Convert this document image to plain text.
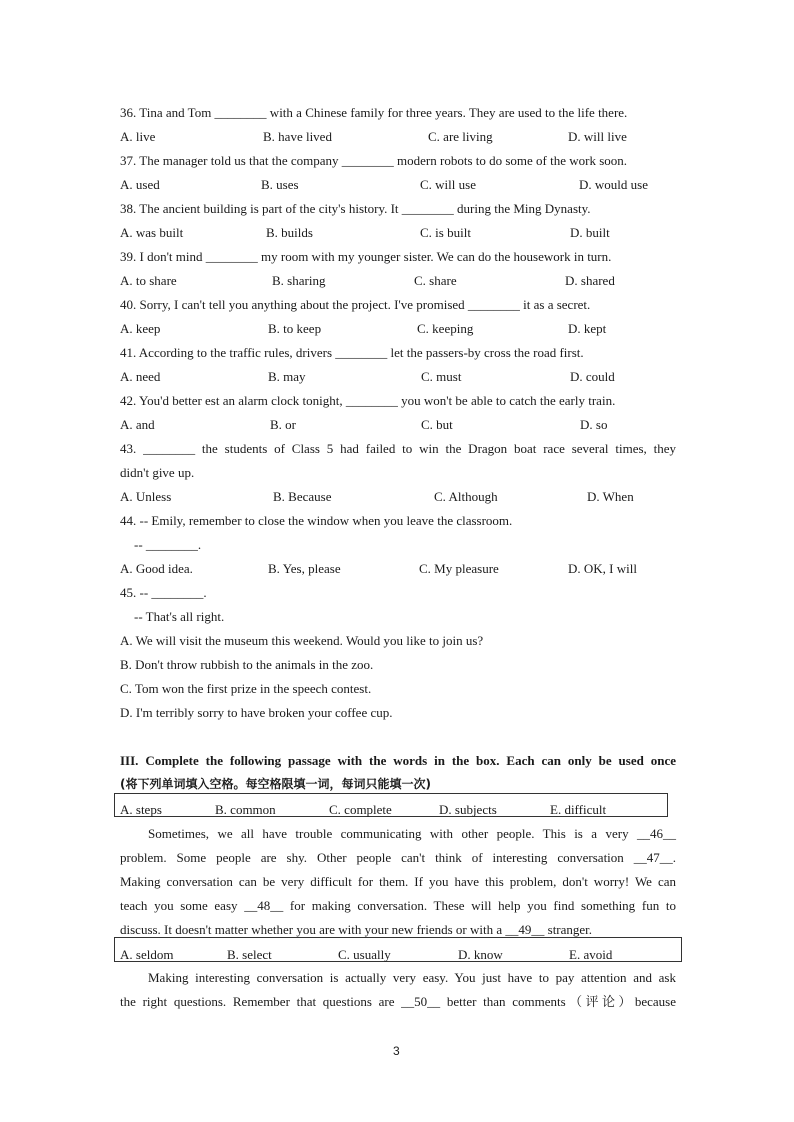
36. Tina and Tom ________ with a Chinese family for three years. They are used to the life there.
A. live	B. have lived	C. are living	D. will live
37. The manager told us that the company ________ modern robots to do some of the work soon.
A. used	B. uses	C. will use	D. would use
38. The ancient building is part of the city's history. It ________ during the Ming Dynasty.
A. was built	B. builds	C. is built	D. built
39. I don't mind ________ my room with my younger sister. We can do the housework in turn.
A. to share	B. sharing	C. share	D. shared
40. Sorry, I can't tell you anything about the project. I've promised ________ it as a secret.
A. keep	B. to keep	C. keeping	D. kept
41. According to the traffic rules, drivers ________ let the passers-by cross the road first.
A. need	B. may	C. must	D. could
42. You'd better est an alarm clock tonight, ________ you won't be able to catch the early train.
A. and	B. or	C. but	D. so
43. ________ the students of Class 5 had failed to win the Dragon boat race several times, they
didn't give up.
A. Unless	B. Because	C. Although	D. When
44. -- Emily, remember to close the window when you leave the classroom.
-- ________.
A. Good idea.	B. Yes, please	C. My pleasure	D. OK, I will
45. -- ________.
-- That's all right.
A. We will visit the museum this weekend. Would you like to join us?
B. Don't throw rubbish to the animals in the zoo.
C. Tom won the first prize in the speech contest.
D. I'm terribly sorry to have broken your coffee cup.
III. Complete the following passage with the words in the box. Each can only be used once
(将下列单词填入空格。每空格限填一词，每词只能填一次)
A. steps	B. common	C. complete	D. subjects	E. difficult
Sometimes, we all have trouble communicating with other people. This is a very __46__
problem. Some people are shy. Other people can't think of interesting conversation __47__.
Making conversation can be very difficult for them. If you have this problem, don't worry! We can
teach you some easy __48__ for making conversation. These will help you find something fun to
discuss. It doesn't matter whether you are with your new friends or with a __49__ stranger.
A. seldom	B. select	C. usually	D. know	E. avoid
Making interesting conversation is actually very easy. You just have to pay attention and ask
the right questions. Remember that questions are __50__ better than comments（评论）because
3
